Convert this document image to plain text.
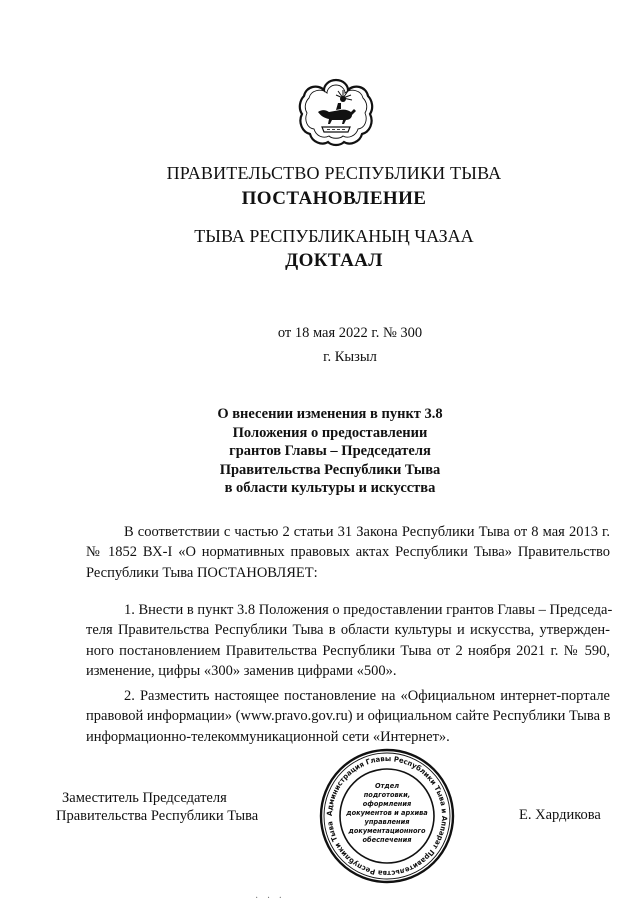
ПРАВИТЕЛЬСТВО РЕСПУБЛИКИ ТЫВА
ПОСТАНОВЛЕНИЕ
ТЫВА РЕСПУБЛИКАНЫҢ ЧАЗАА
ДОКТААЛ
от 18 мая 2022 г. № 300
г. Кызыл
О внесении изменения в пункт 3.8
Положения о предоставлении
грантов Главы – Председателя
Правительства Республики Тыва
в области культуры и искусства
В соответствии с частью 2 статьи 31 Закона Республики Тыва от 8 мая 2013 г.
№ 1852 ВХ-I «О нормативных правовых актах Республики Тыва» Правительство
Республики Тыва ПОСТАНОВЛЯЕТ:
1. Внести в пункт 3.8 Положения о предоставлении грантов Главы – Председа-
теля Правительства Республики Тыва в области культуры и искусства, утвержден-
ного постановлением Правительства Республики Тыва от 2 ноября 2021 г. № 590,
изменение, цифры «300» заменив цифрами «500».
2. Разместить настоящее постановление на «Официальном интернет-портале
правовой информации» (www.pravo.gov.ru) и официальном сайте Республики Тыва в
информационно-телекоммуникационной сети «Интернет».
Заместитель Председателя
Правительства Республики Тыва	Е. Хардикова
Администрация Главы Республики Тыва и Аппарат Правительства Республики Тыва
Отдел
подготовки,
оформления
документов и архива
управления
документационного
обеспечения
· · ·
